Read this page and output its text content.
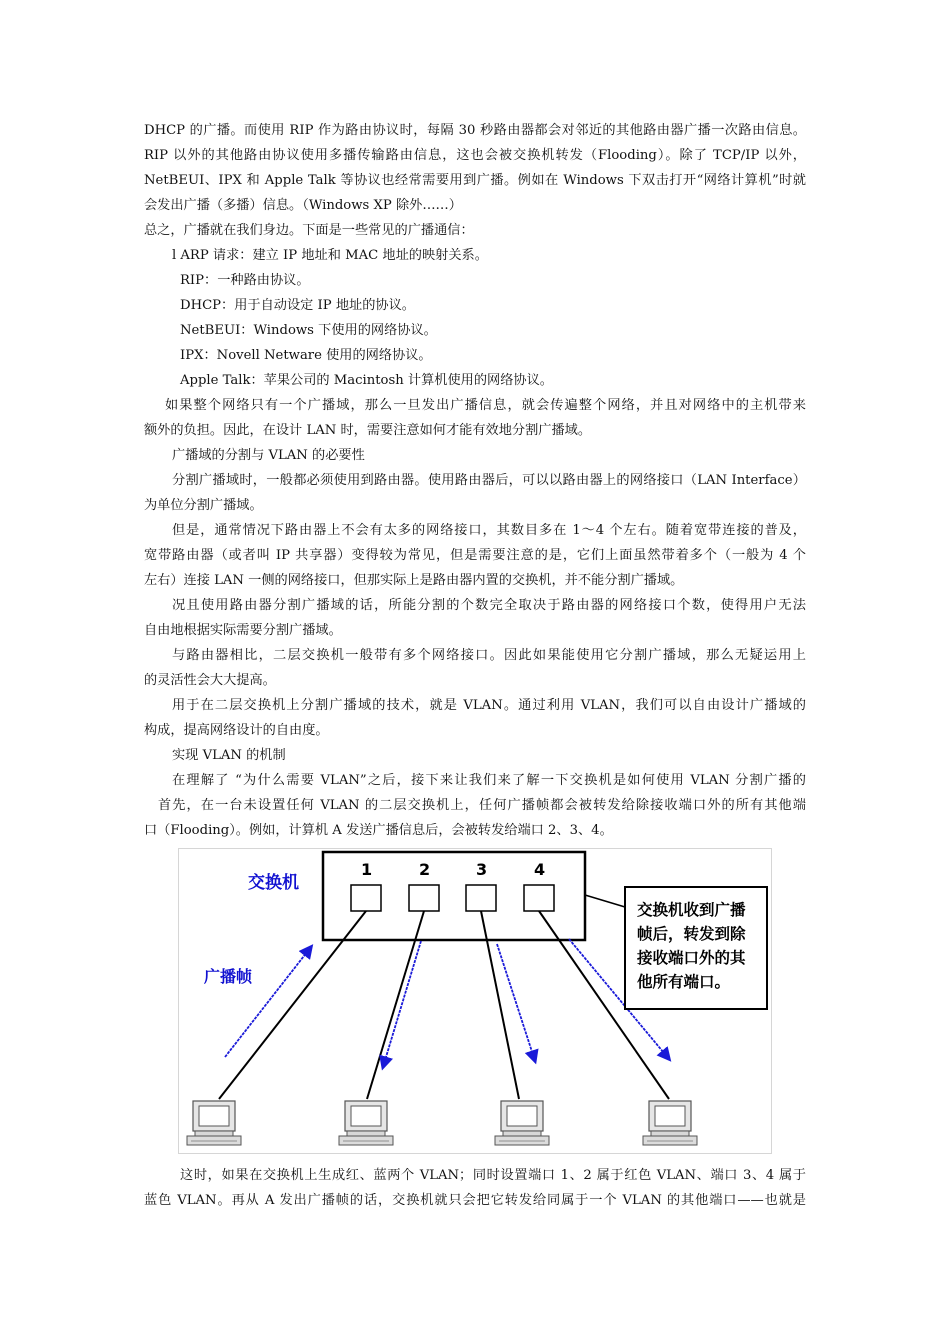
DHCP 的广播。而使用 RIP 作为路由协议时，每隔 30 秒路由器都会对邻近的其他路由器广播一次路由信息。
RIP 以外的其他路由协议使用多播传输路由信息，这也会被交换机转发（Flooding）。除了 TCP/IP 以外，
NetBEUI、IPX 和 Apple Talk 等协议也经常需要用到广播。例如在 Windows 下双击打开“网络计算机”时就
会发出广播（多播）信息。（Windows XP 除外……）
总之，广播就在我们身边。下面是一些常见的广播通信：
l ARP 请求：建立 IP 地址和 MAC 地址的映射关系。
RIP：一种路由协议。
DHCP：用于自动设定 IP 地址的协议。
NetBEUI：Windows 下使用的网络协议。
IPX：Novell Netware 使用的网络协议。
Apple Talk：苹果公司的 Macintosh 计算机使用的网络协议。
如果整个网络只有一个广播域，那么一旦发出广播信息，就会传遍整个网络，并且对网络中的主机带来
额外的负担。因此，在设计 LAN 时，需要注意如何才能有效地分割广播域。
广播域的分割与 VLAN 的必要性
分割广播域时，一般都必须使用到路由器。使用路由器后，可以以路由器上的网络接口（LAN Interface）
为单位分割广播域。
但是，通常情况下路由器上不会有太多的网络接口，其数目多在 1～4 个左右。随着宽带连接的普及，
宽带路由器（或者叫 IP 共享器）变得较为常见，但是需要注意的是，它们上面虽然带着多个（一般为 4 个
左右）连接 LAN 一侧的网络接口，但那实际上是路由器内置的交换机，并不能分割广播域。
况且使用路由器分割广播域的话，所能分割的个数完全取决于路由器的网络接口个数，使得用户无法
自由地根据实际需要分割广播域。
与路由器相比，二层交换机一般带有多个网络接口。因此如果能使用它分割广播域，那么无疑运用上
的灵活性会大大提高。
用于在二层交换机上分割广播域的技术，就是 VLAN。通过利用 VLAN，我们可以自由设计广播域的
构成，提高网络设计的自由度。
实现 VLAN 的机制
在理解了 “为什么需要 VLAN”之后，接下来让我们来了解一下交换机是如何使用 VLAN 分割广播的
首先，在一台未设置任何 VLAN 的二层交换机上，任何广播帧都会被转发给除接收端口外的所有其他端
口（Flooding）。例如，计算机 A 发送广播信息后，会被转发给端口 2、3、4。
交换机
广播帧
1	2	3	4
交换机收到广播
帧后，转发到除
接收端口外的其
他所有端口。
这时，如果在交换机上生成红、蓝两个 VLAN；同时设置端口 1、2 属于红色 VLAN、端口 3、4 属于
蓝色 VLAN。再从 A 发出广播帧的话，交换机就只会把它转发给同属于一个 VLAN 的其他端口——也就是
